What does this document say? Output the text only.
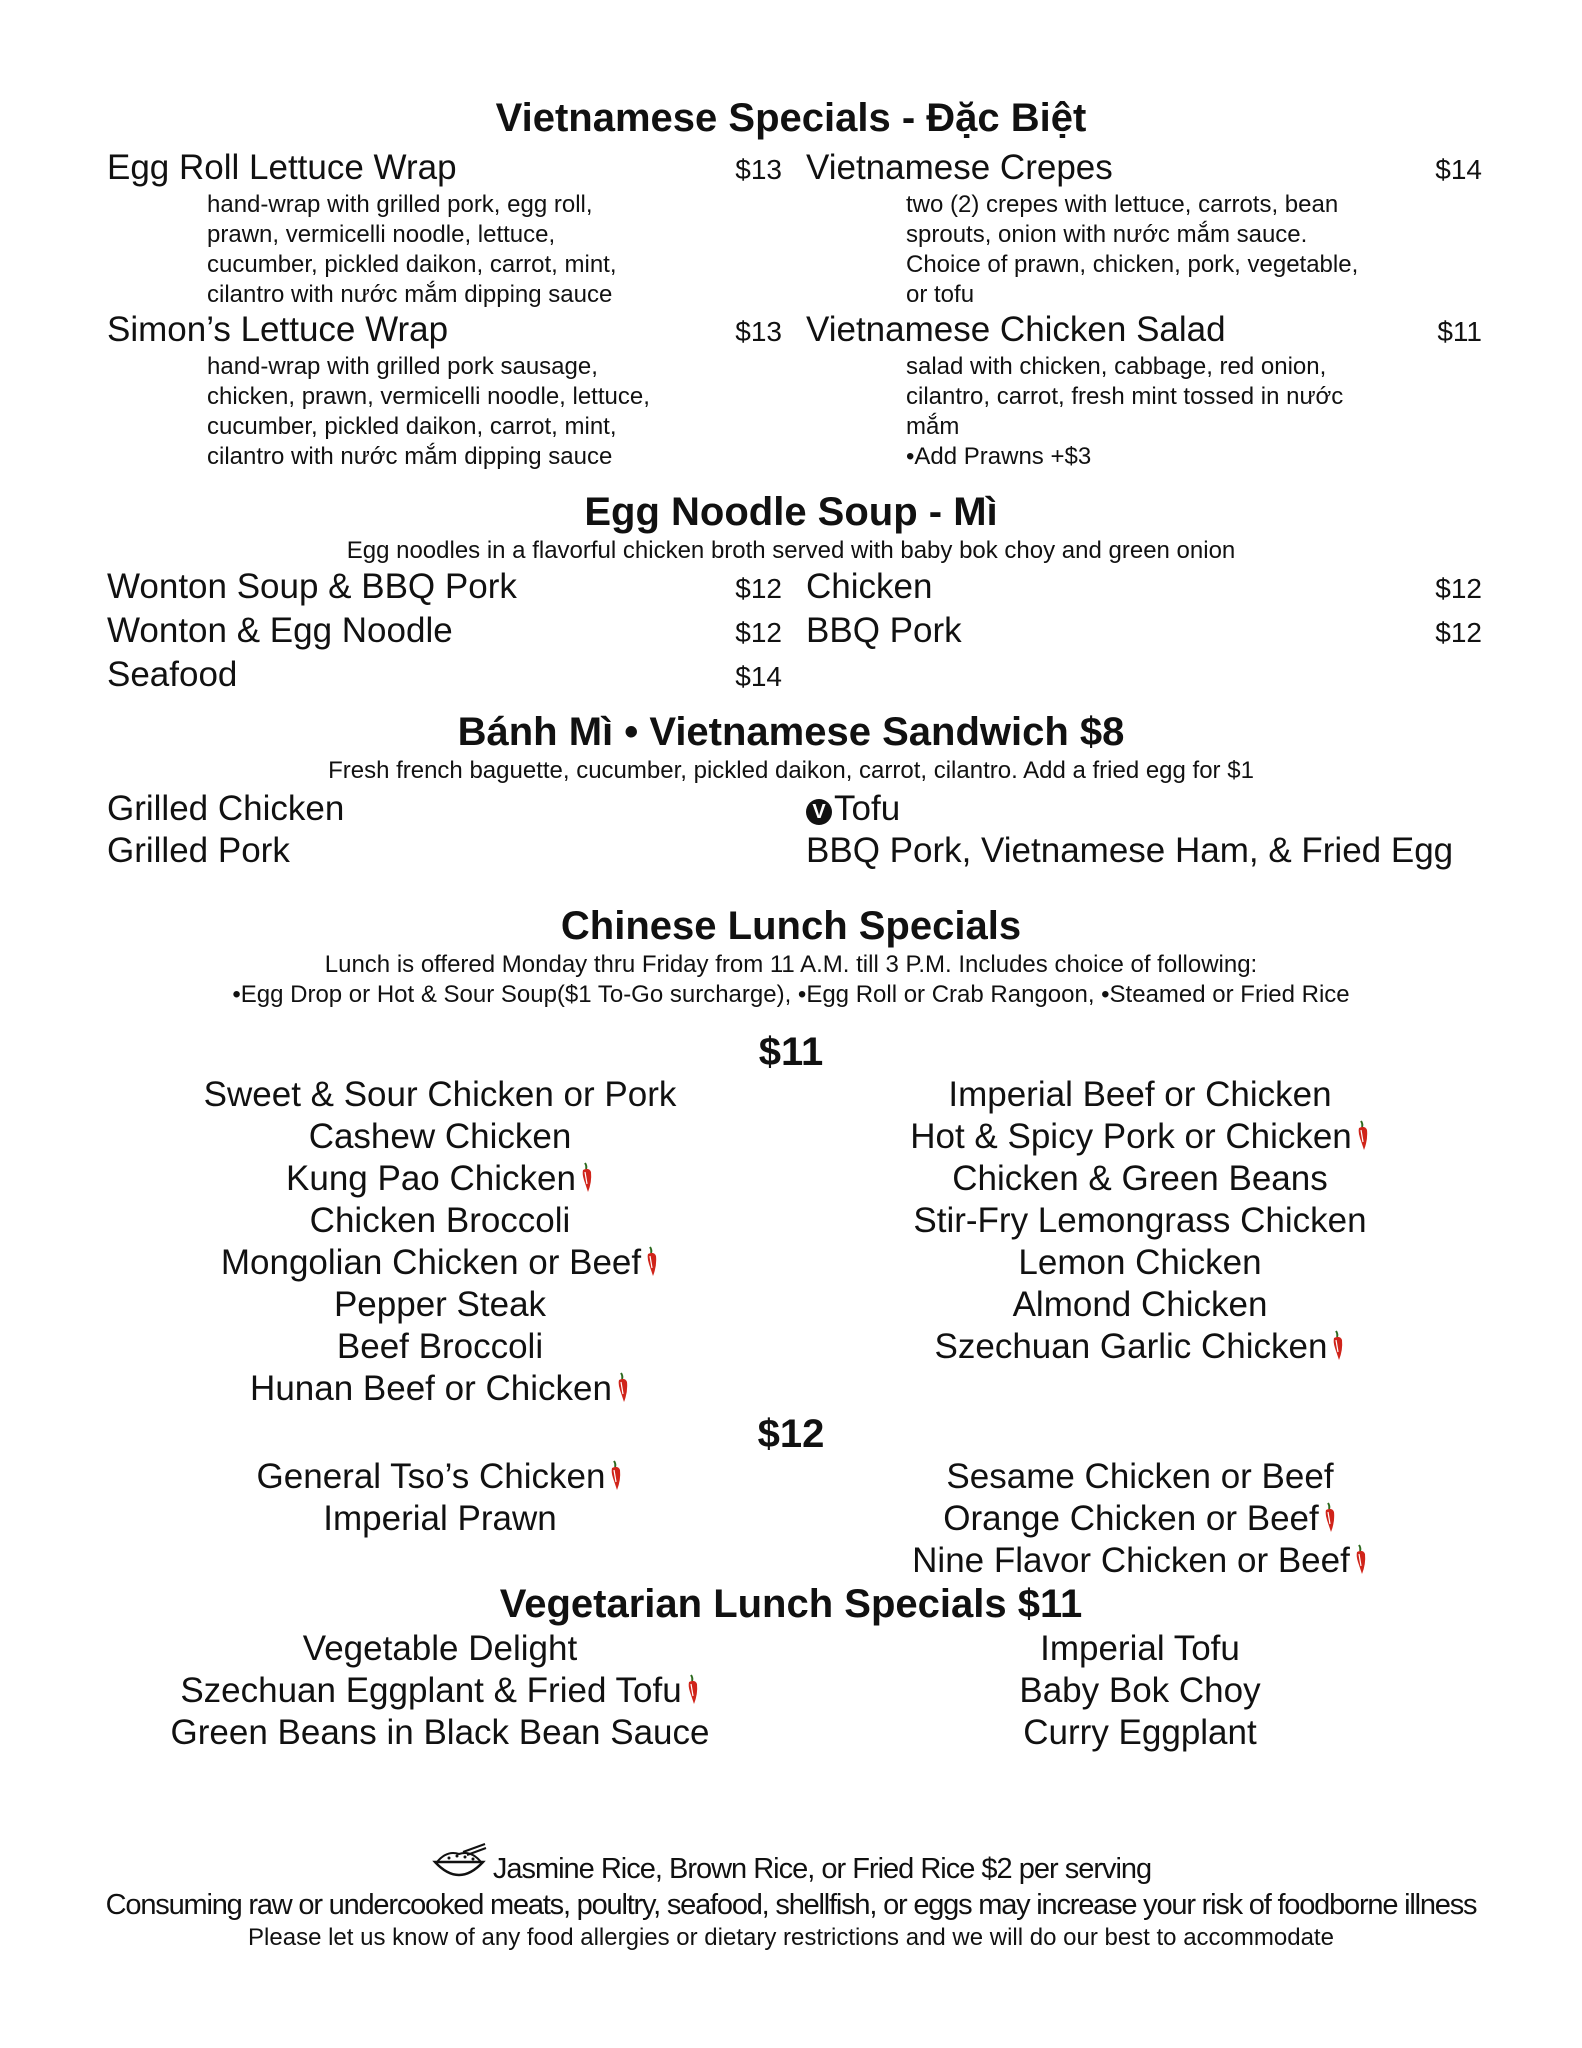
Vietnamese Specials - Đặc Biệt
Egg Roll Lettuce Wrap	$13
hand-wrap with grilled pork, egg roll,
prawn, vermicelli noodle, lettuce,
cucumber, pickled daikon, carrot, mint,
cilantro with nước mắm dipping sauce
Simon’s Lettuce Wrap	$13
hand-wrap with grilled pork sausage,
chicken, prawn, vermicelli noodle, lettuce,
cucumber, pickled daikon, carrot, mint,
cilantro with nước mắm dipping sauce
Vietnamese Crepes	$14
two (2) crepes with lettuce, carrots, bean
sprouts, onion with nước mắm sauce.
Choice of prawn, chicken, pork, vegetable,
or tofu
Vietnamese Chicken Salad	$11
salad with chicken, cabbage, red onion,
cilantro, carrot, fresh mint tossed in nước
mắm
•Add Prawns +$3
Egg Noodle Soup - Mì
Egg noodles in a flavorful chicken broth served with baby bok choy and green onion
Wonton Soup & BBQ Pork	$12
Wonton & Egg Noodle	$12
Seafood	$14
Chicken	$12
BBQ Pork	$12
Bánh Mì • Vietnamese Sandwich $8
Fresh french baguette, cucumber, pickled daikon, carrot, cilantro. Add a fried egg for $1
Grilled Chicken
Grilled Pork
V Tofu
BBQ Pork, Vietnamese Ham, & Fried Egg
Chinese Lunch Specials
Lunch is offered Monday thru Friday from 11 A.M. till 3 P.M. Includes choice of following:
•Egg Drop or Hot & Sour Soup($1 To-Go surcharge), •Egg Roll or Crab Rangoon, •Steamed or Fried Rice
$11
Sweet & Sour Chicken or Pork
Cashew Chicken
Kung Pao Chicken
Chicken Broccoli
Mongolian Chicken or Beef
Pepper Steak
Beef Broccoli
Hunan Beef or Chicken
Imperial Beef or Chicken
Hot & Spicy Pork or Chicken
Chicken & Green Beans
Stir-Fry Lemongrass Chicken
Lemon Chicken
Almond Chicken
Szechuan Garlic Chicken
$12
General Tso’s Chicken
Imperial Prawn
Sesame Chicken or Beef
Orange Chicken or Beef
Nine Flavor Chicken or Beef
Vegetarian Lunch Specials $11
Vegetable Delight
Szechuan Eggplant & Fried Tofu
Green Beans in Black Bean Sauce
Imperial Tofu
Baby Bok Choy
Curry Eggplant
Jasmine Rice, Brown Rice, or Fried Rice $2 per serving
Consuming raw or undercooked meats, poultry, seafood, shellfish, or eggs may increase your risk of foodborne illness
Please let us know of any food allergies or dietary restrictions and we will do our best to accommodate
